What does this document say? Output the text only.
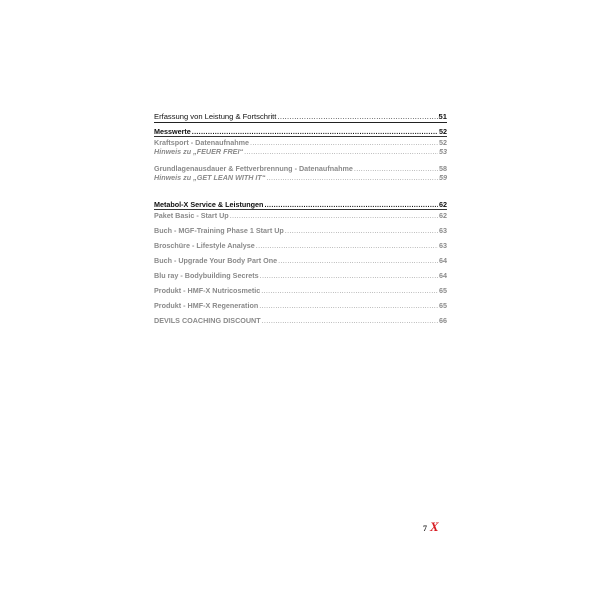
Erfassung von Leistung & Fortschritt .....	51
Messwerte .....	52
Kraftsport - Datenaufnahme .....	52
Hinweis zu „FEUER FREI“ .....	53
Grundlagenausdauer & Fettverbrennung - Datenaufnahme .....	58
Hinweis zu „GET LEAN WITH IT“ .....	59
Metabol-X Service & Leistungen .....	62
Paket Basic - Start Up .....	62
Buch - MGF-Training Phase 1 Start Up .....	63
Broschüre - Lifestyle Analyse .....	63
Buch - Upgrade Your Body Part One .....	64
Blu ray - Bodybuilding Secrets .....	64
Produkt - HMF-X Nutricosmetic .....	65
Produkt - HMF-X Regeneration .....	65
DEVILS COACHING DISCOUNT .....	66
7 X
